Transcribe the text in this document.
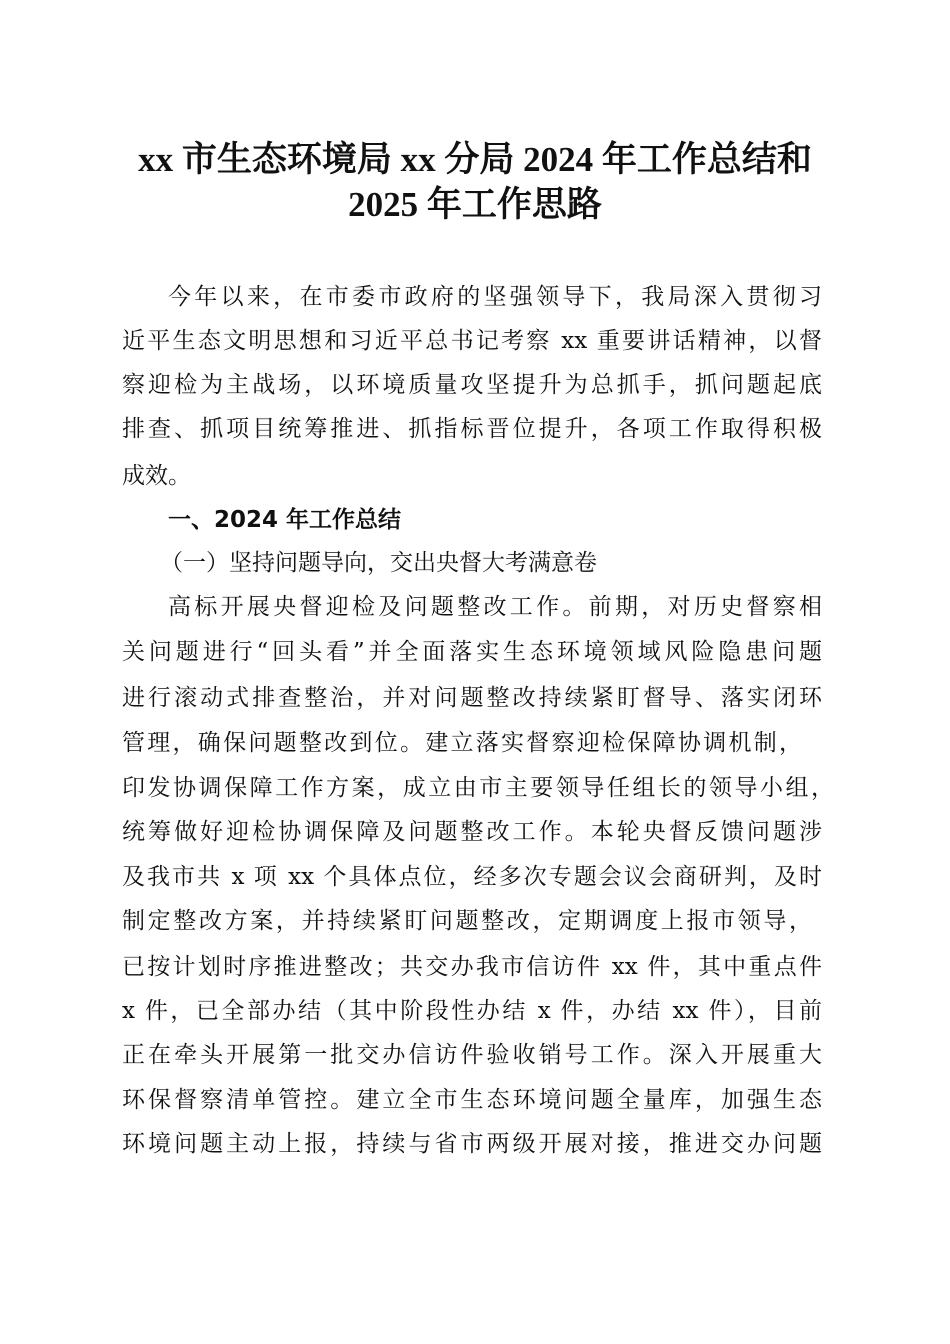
xx 市生态环境局 xx 分局 2024 年工作总结和
2025 年工作思路
今年以来，在市委市政府的坚强领导下，我局深入贯彻习
近平生态文明思想和习近平总书记考察 xx 重要讲话精神，以督
察迎检为主战场，以环境质量攻坚提升为总抓手，抓问题起底
排查、抓项目统筹推进、抓指标晋位提升，各项工作取得积极
成效。
一、2024 年工作总结
（一）坚持问题导向，交出央督大考满意卷
高标开展央督迎检及问题整改工作。前期，对历史督察相
关问题进行“回头看”并全面落实生态环境领域风险隐患问题
进行滚动式排查整治，并对问题整改持续紧盯督导、落实闭环
管理，确保问题整改到位。建立落实督察迎检保障协调机制，
印发协调保障工作方案，成立由市主要领导任组长的领导小组，
统筹做好迎检协调保障及问题整改工作。本轮央督反馈问题涉
及我市共 x 项 xx 个具体点位，经多次专题会议会商研判，及时
制定整改方案，并持续紧盯问题整改，定期调度上报市领导，
已按计划时序推进整改；共交办我市信访件 xx 件，其中重点件
x 件，已全部办结（其中阶段性办结 x 件，办结 xx 件），目前
正在牵头开展第一批交办信访件验收销号工作。深入开展重大
环保督察清单管控。建立全市生态环境问题全量库，加强生态
环境问题主动上报，持续与省市两级开展对接，推进交办问题
